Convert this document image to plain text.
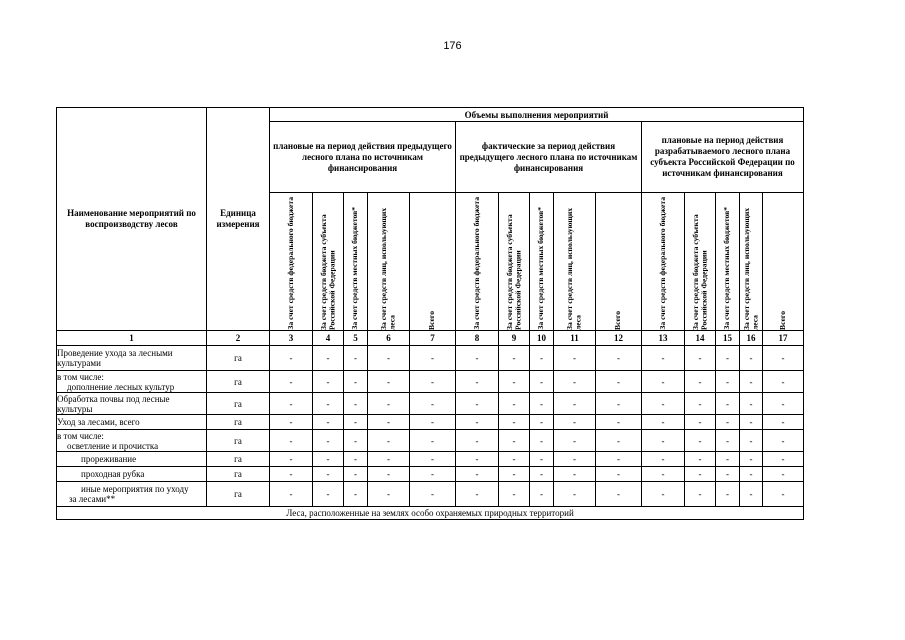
176
Наименование мероприятий по воспроизводству лесов	Единица измерения	Объемы выполнения мероприятий														
		плановые на период действия предыдущего лесного плана по источникам финансирования					фактические за период действия предыдущего лесного плана по источникам финансирования					плановые на период действия разрабатываемого лесного плана субъекта Российской Федерации по источникам финансирования				

		За счет средств федерального бюджета	За счет средств бюджета субъекта Российской Федерации	За счет средств местных бюджетов*	За счет средств лиц, использующих леса	Всего	За счет средств федерального бюджета	За счет средств бюджета субъекта Российской Федерации	За счет средств местных бюджетов*	За счет средств лиц, использующих леса	Всего	За счет средств федерального бюджета	За счет средств бюджета субъекта Российской Федерации	За счет средств местных бюджетов*	За счет средств лиц, использующих леса	Всего

1	2	3	4	5	6	7	8	9	10	11	12	13	14	15	16	17
Проведение ухода за лесными
культурами	га	-	-	-	-	-	-	-	-	-	-	-	-	-	-	-
в том числе:
дополнение лесных культур	га	-	-	-	-	-	-	-	-	-	-	-	-	-	-	-
Обработка почвы под лесные
культуры	га	-	-	-	-	-	-	-	-	-	-	-	-	-	-	-
Уход за лесами, всего	га	-	-	-	-	-	-	-	-	-	-	-	-	-	-	-
в том числе:
осветление и прочистка	га	-	-	-	-	-	-	-	-	-	-	-	-	-	-	-
прореживание	га	-	-	-	-	-	-	-	-	-	-	-	-	-	-	-
проходная рубка	га	-	-	-	-	-	-	-	-	-	-	-	-	-	-	-
иные мероприятия по уходу
за лесами**	га	-	-	-	-	-	-	-	-	-	-	-	-	-	-	-
Леса, расположенные на землях особо охраняемых природных территорий																
